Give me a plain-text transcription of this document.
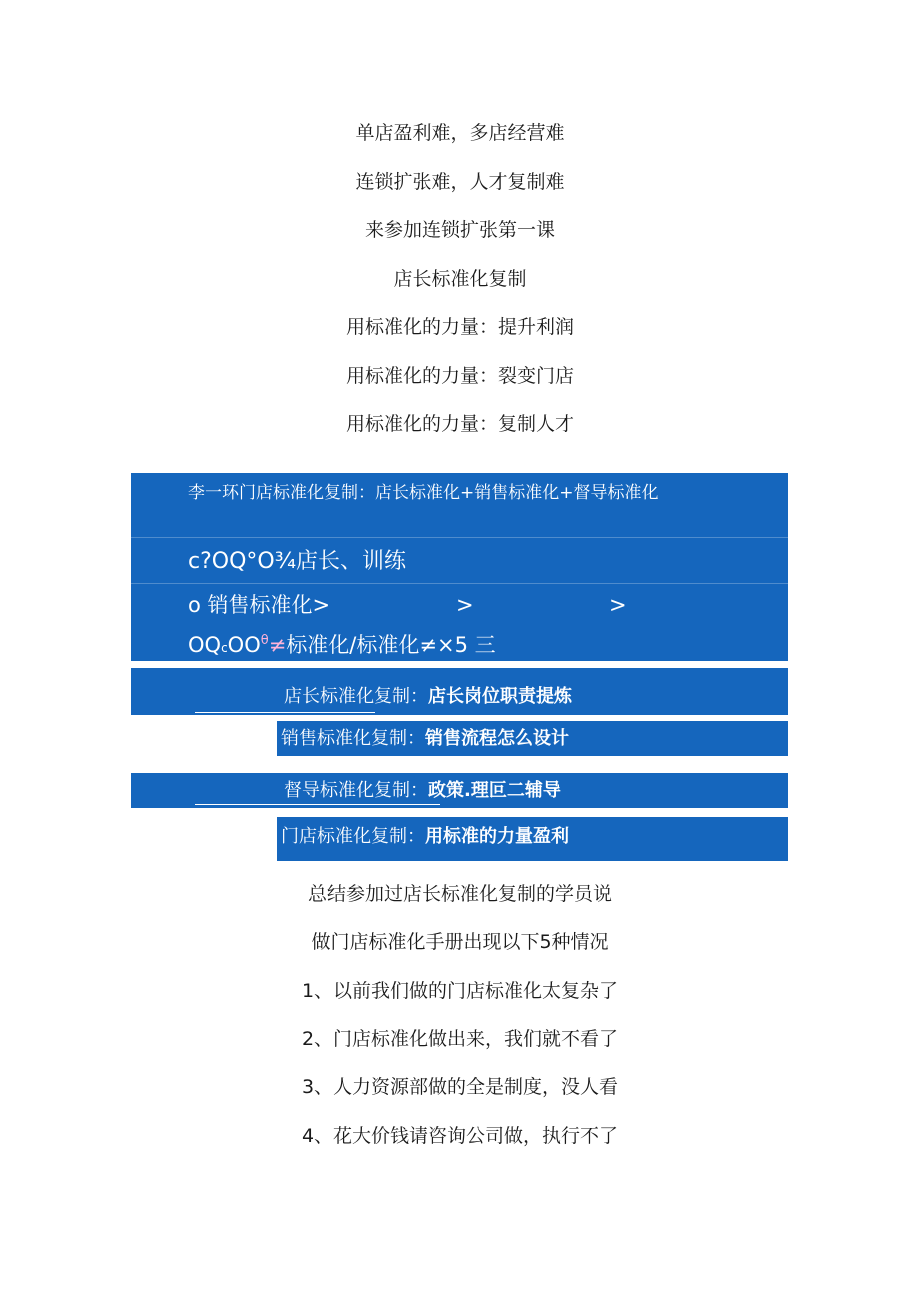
单店盈利难，多店经营难
连锁扩张难，人才复制难
来参加连锁扩张第一课
店长标准化复制
用标准化的力量：提升利润
用标准化的力量：裂变门店
用标准化的力量：复制人才
李一环门店标准化复制：店长标准化+销售标准化+督导标准化
c?OQ°O¾店长、训练
o 销售标准化>	>	>
OQcOO$^\theta$≠标准化/标准化≠×5 三
店长标准化复制：店长岗位职责提炼
销售标准化复制：销售流程怎么设计
督导标准化复制：政策.理叵二辅导
门店标准化复制：用标准的力量盈利
总结参加过店长标准化复制的学员说
做门店标准化手册出现以下5种情况
1、以前我们做的门店标准化太复杂了
2、门店标准化做出来，我们就不看了
3、人力资源部做的全是制度，没人看
4、花大价钱请咨询公司做，执行不了
